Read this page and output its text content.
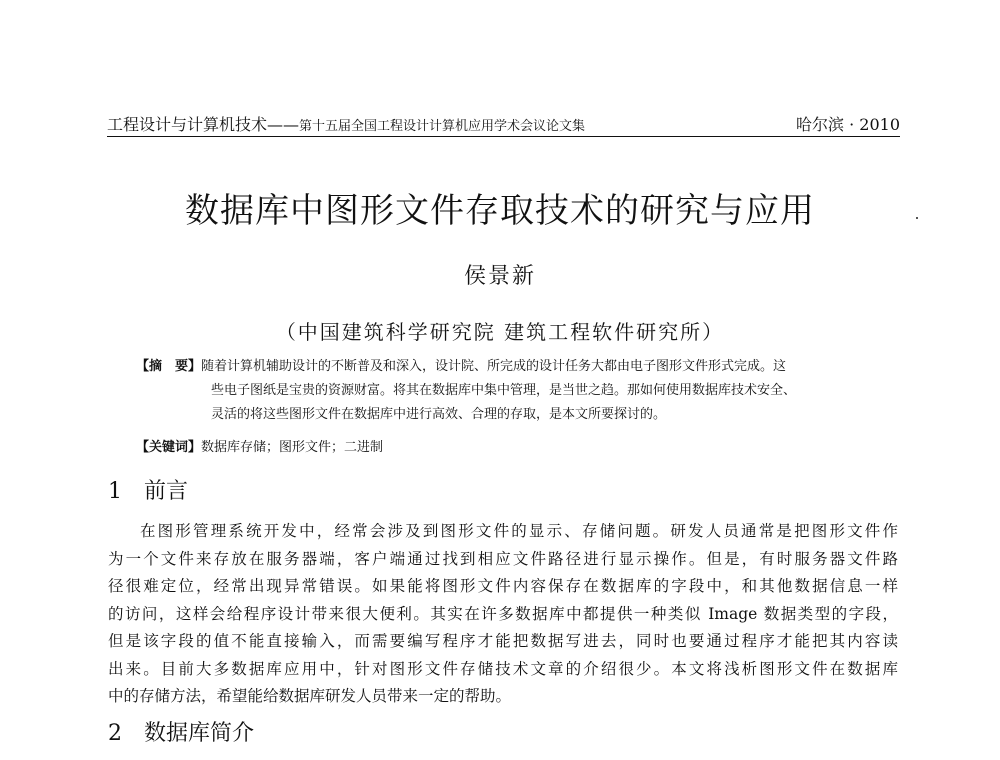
工程设计与计算机技术——第十五届全国工程设计计算机应用学术会议论文集	哈尔滨 · 2010
数据库中图形文件存取技术的研究与应用
侯景新
（中国建筑科学研究院 建筑工程软件研究所）
【摘　要】随着计算机辅助设计的不断普及和深入，设计院、所完成的设计任务大都由电子图形文件形式完成。这
些电子图纸是宝贵的资源财富。将其在数据库中集中管理，是当世之趋。那如何使用数据库技术安全、
灵活的将这些图形文件在数据库中进行高效、合理的存取，是本文所要探讨的。
【关键词】数据库存储；图形文件；二进制
1 前言
在图形管理系统开发中，经常会涉及到图形文件的显示、存储问题。研发人员通常是把图形文件作
为一个文件来存放在服务器端，客户端通过找到相应文件路径进行显示操作。但是，有时服务器文件路
径很难定位，经常出现异常错误。如果能将图形文件内容保存在数据库的字段中，和其他数据信息一样
的访问，这样会给程序设计带来很大便利。其实在许多数据库中都提供一种类似 Image 数据类型的字段，
但是该字段的值不能直接输入，而需要编写程序才能把数据写进去，同时也要通过程序才能把其内容读
出来。目前大多数据库应用中，针对图形文件存储技术文章的介绍很少。本文将浅析图形文件在数据库
中的存储方法，希望能给数据库研发人员带来一定的帮助。
2 数据库简介
